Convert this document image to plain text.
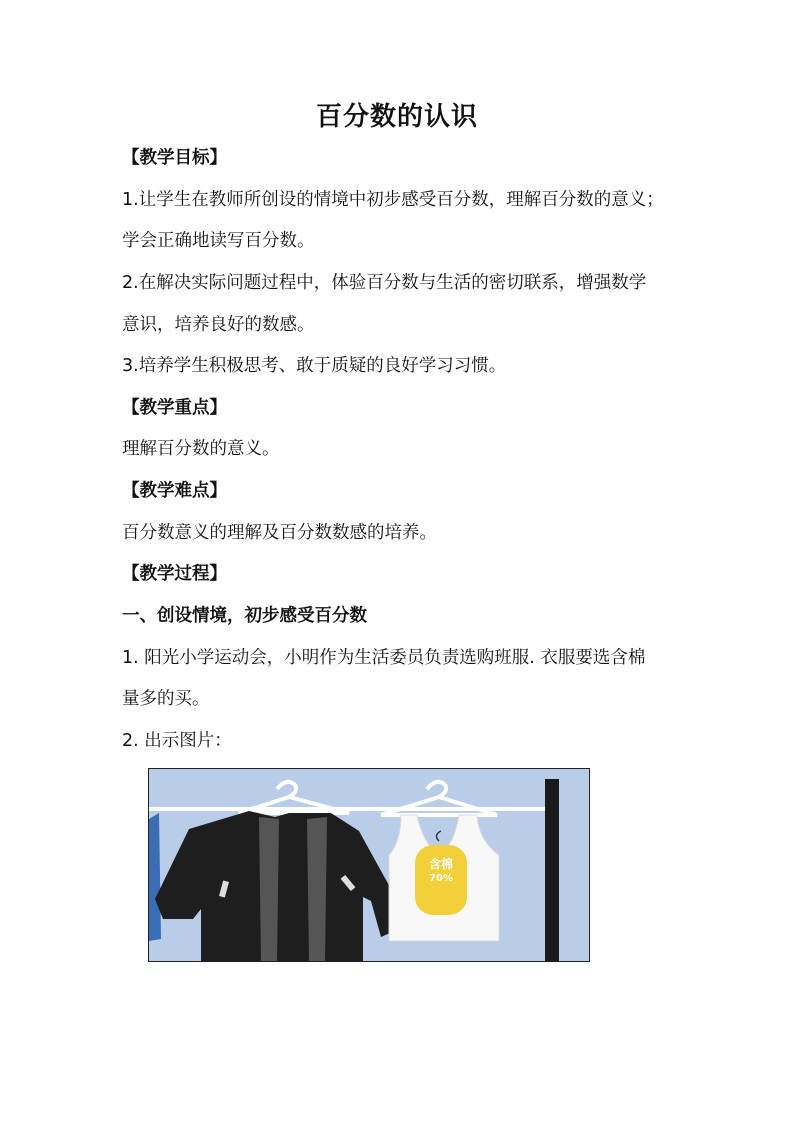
百分数的认识
【教学目标】
1.让学生在教师所创设的情境中初步感受百分数，理解百分数的意义；
学会正确地读写百分数。
2.在解决实际问题过程中，体验百分数与生活的密切联系，增强数学
意识，培养良好的数感。
3.培养学生积极思考、敢于质疑的良好学习习惯。
【教学重点】
理解百分数的意义。
【教学难点】
百分数意义的理解及百分数数感的培养。
【教学过程】
一、创设情境，初步感受百分数
1. 阳光小学运动会，小明作为生活委员负责选购班服. 衣服要选含棉
量多的买。
2. 出示图片：
含棉
70%
